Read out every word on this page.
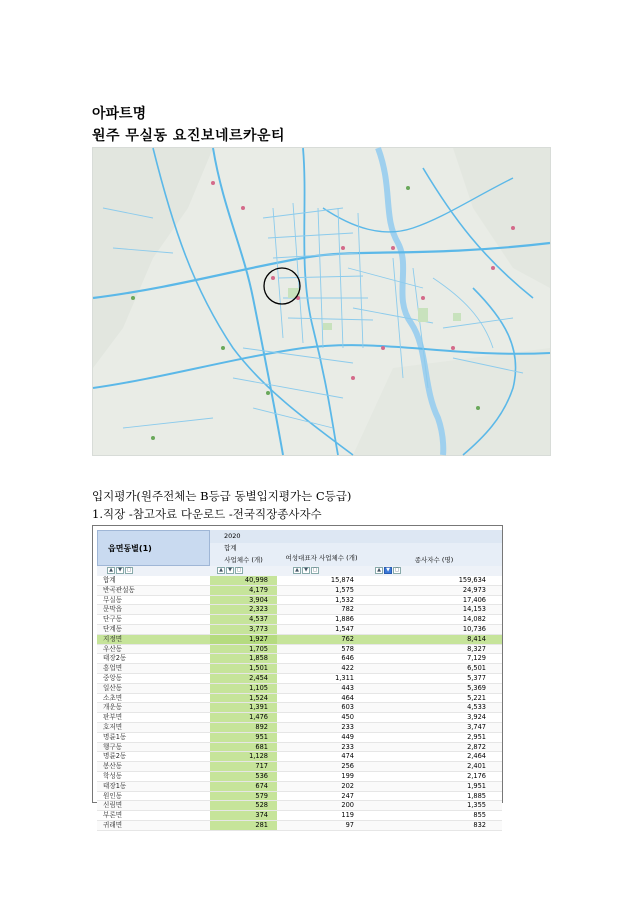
아파트명
원주 무실동 요진보네르카운티
입지평가(원주전체는 B등급 동별입지평가는 C등급)
1.직장 -참고자료 다운로드 -전국직장종사자수
읍면동별(1)
2020
합계
사업체수 (개)	여성대표자 사업체수 (개)	종사자수 (명)
▲	▼ ▢	▲	▼ ▢	▲	▼ ▢	▲	▼ ▢
합계	40,998	15,874	159,634
반곡관설동	4,179	1,575	24,973
무실동	3,904	1,532	17,406
문막읍	2,323	782	14,153
단구동	4,537	1,886	14,082
단계동	3,773	1,547	10,736
지정면	1,927	762	8,414
우산동	1,705	578	8,327
태장2동	1,858	646	7,129
흥업면	1,501	422	6,501
중앙동	2,454	1,311	5,377
일산동	1,105	443	5,369
소초면	1,524	464	5,221
개운동	1,391	603	4,533
판부면	1,476	450	3,924
호저면	892	233	3,747
명륜1동	951	449	2,951
행구동	681	233	2,872
명륜2동	1,128	474	2,464
봉산동	717	256	2,401
학성동	536	199	2,176
태장1동	674	202	1,951
원인동	579	247	1,885
신림면	528	200	1,355
부론면	374	119	855
귀래면	281	97	832
